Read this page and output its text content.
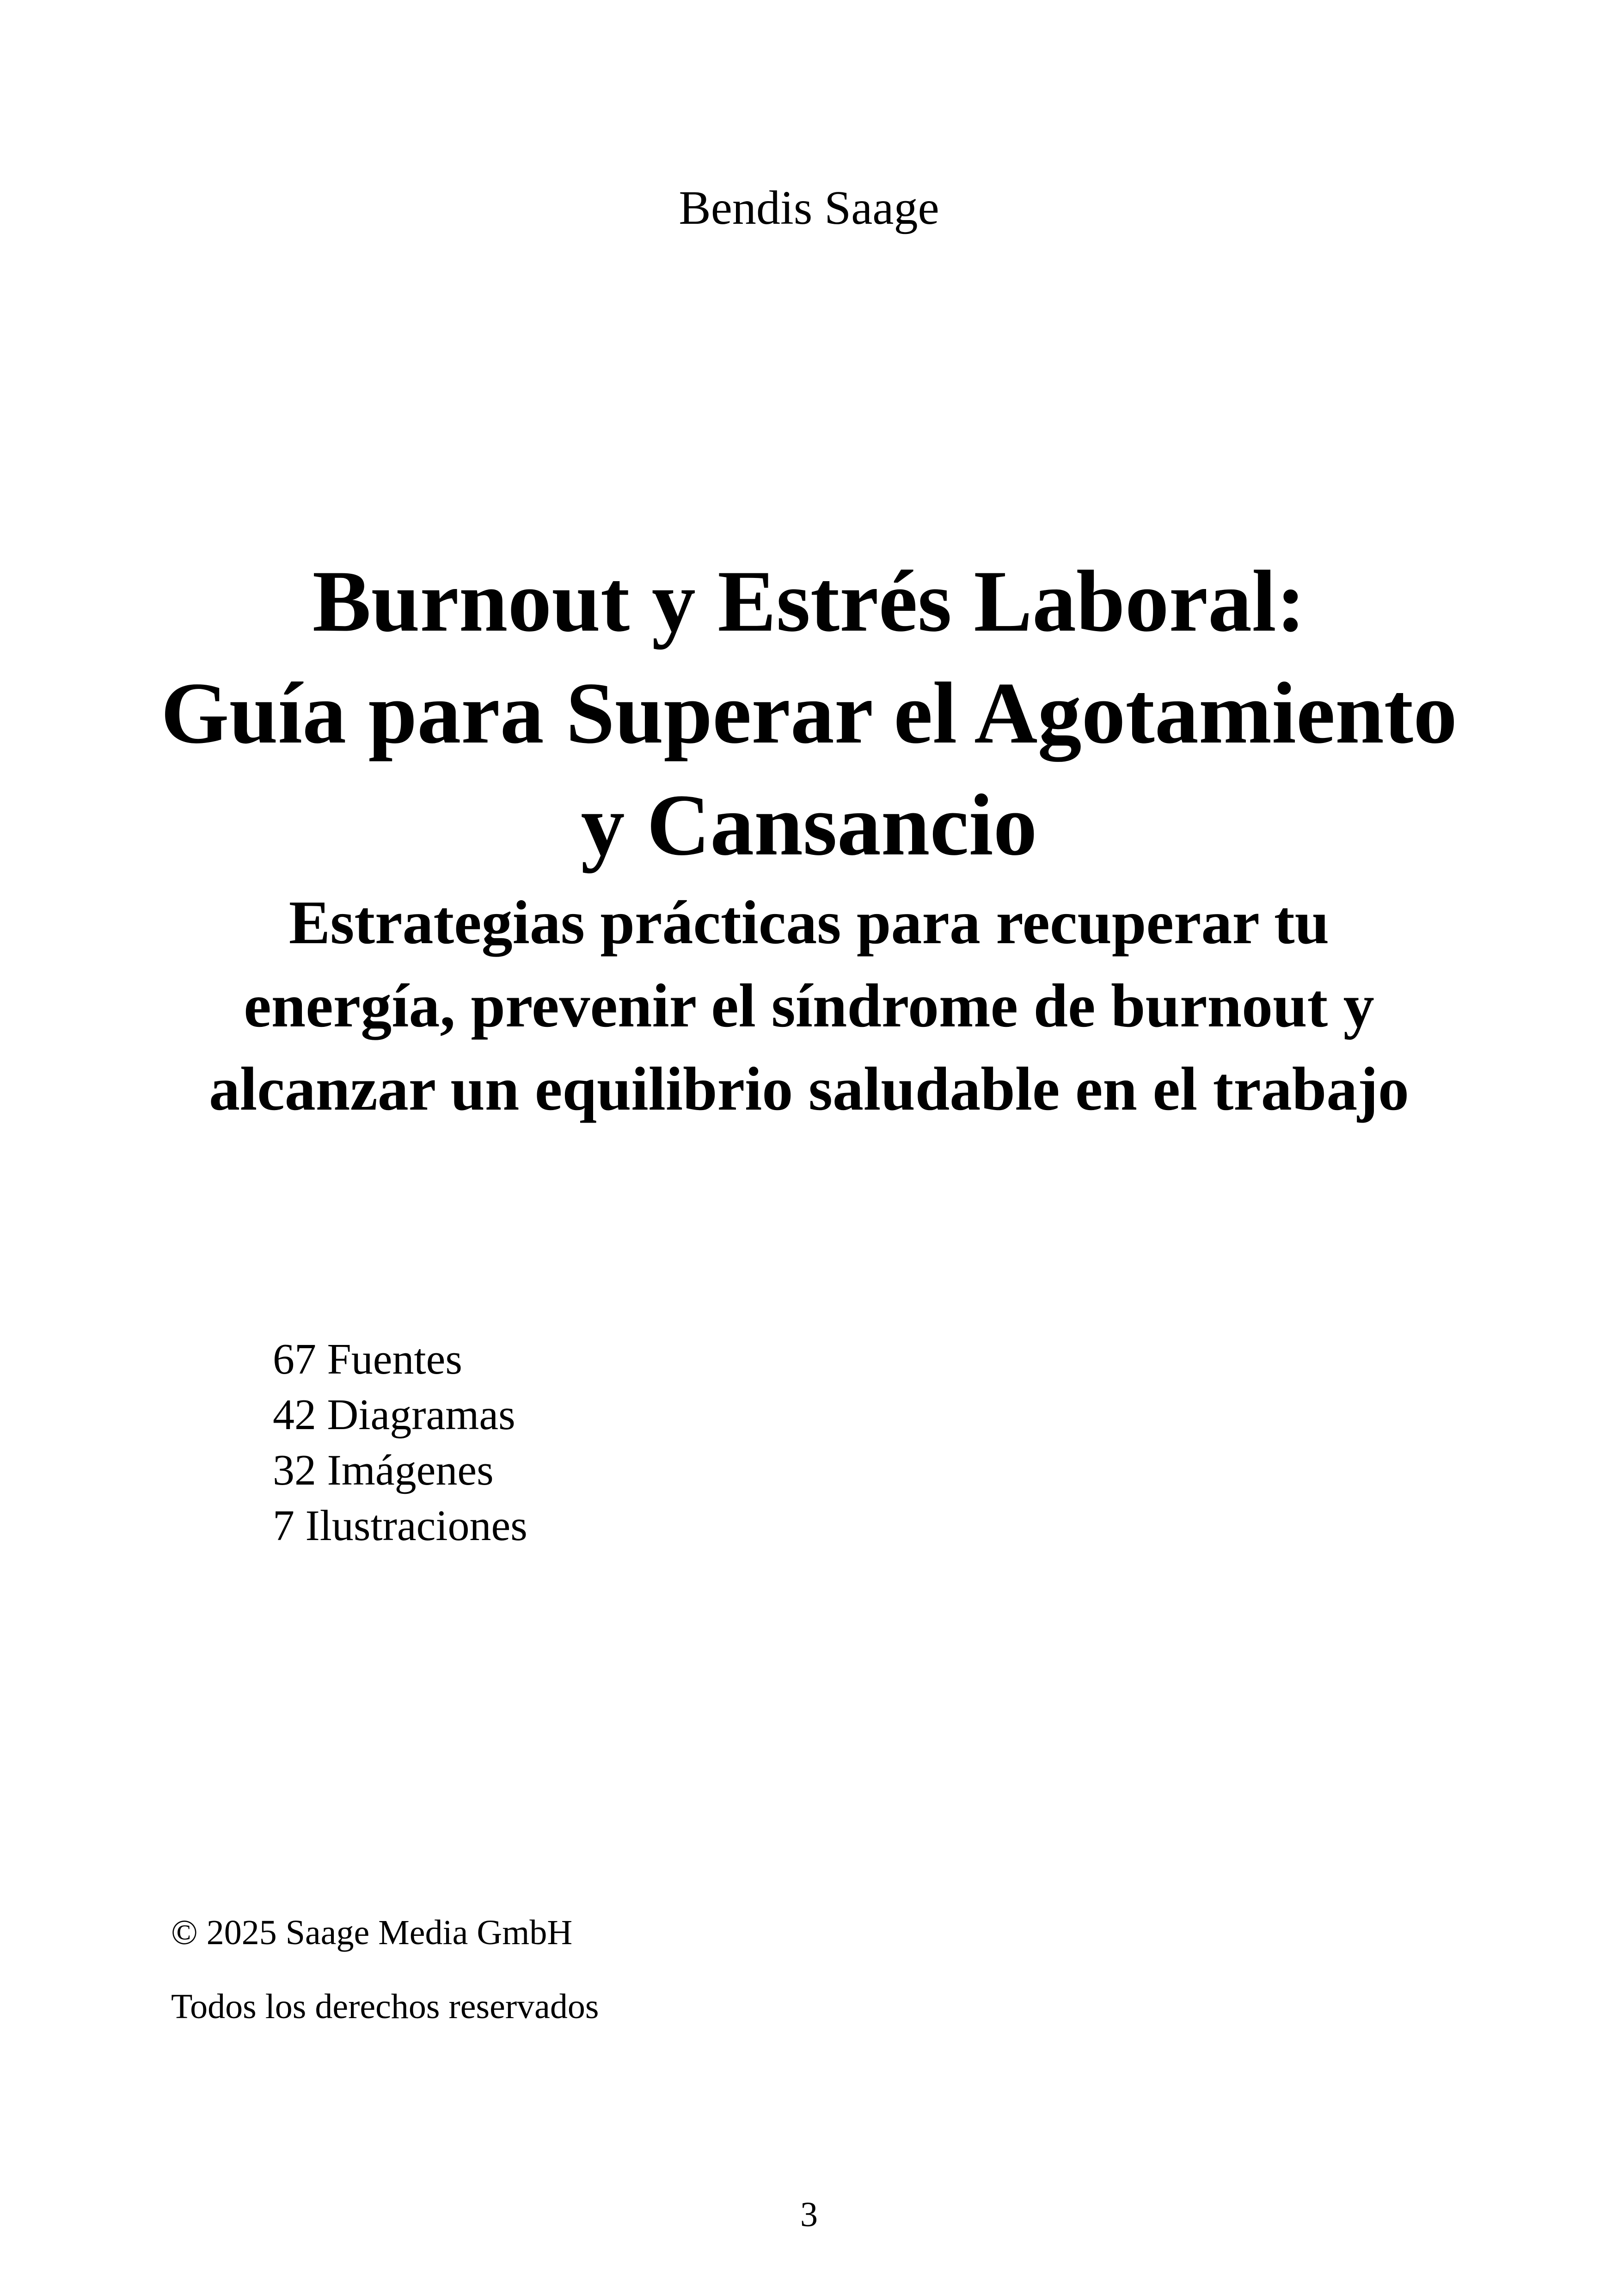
Bendis Saage
Burnout y Estrés Laboral:
Guía para Superar el Agotamiento
y Cansancio
Estrategias prácticas para recuperar tu
energía, prevenir el síndrome de burnout y
alcanzar un equilibrio saludable en el trabajo
67 Fuentes
42 Diagramas
32 Imágenes
7 Ilustraciones
© 2025 Saage Media GmbH
Todos los derechos reservados
3
